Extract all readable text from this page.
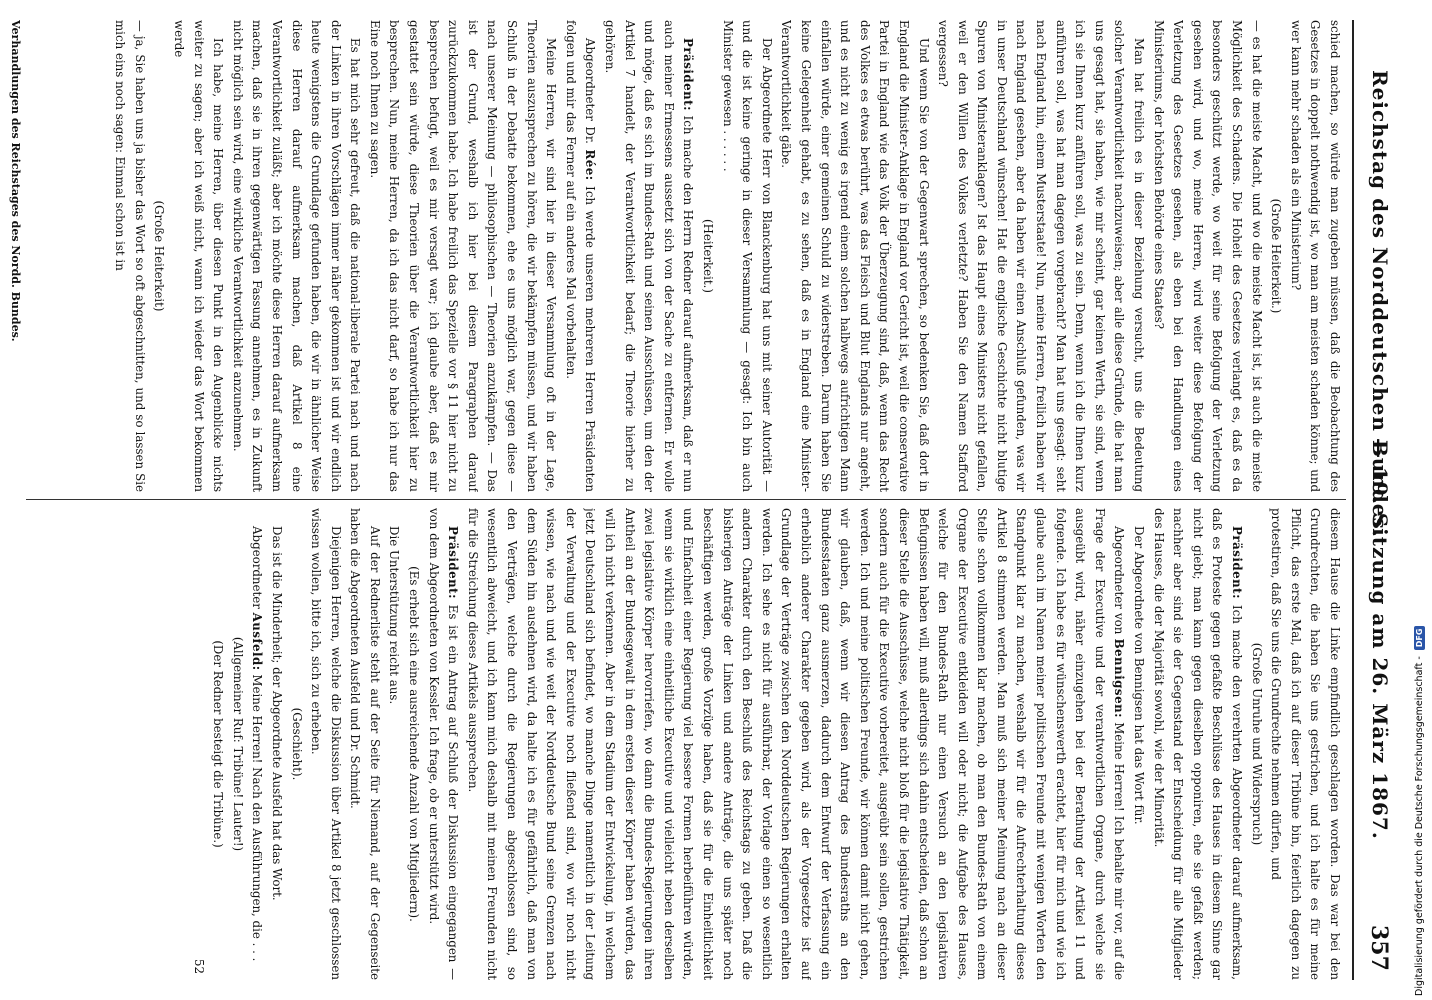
Reichstag des Norddeutschen Bundes.
— 19. Sitzung am 26. März 1867.
357

schied machen, so würde man zugeben müssen, daß die Beobachtung des Gesetzes in doppelt nothwendig ist, wo man am meisten schaden könne; und wer kann mehr schaden als ein Ministerium?

(Große Heiterkeit.)

— es hat die meiste Macht, und wo die meiste Macht ist, ist auch die meiste Möglichkeit des Schadens. Die Hoheit des Gesetzes verlangt es, daß es da besonders geschützt werde, wo weit für seine Befolgung der Verletzung gesehen wird, und wo, meine Herren, wird weiter diese Befolgung der Verletzung des Gesetzes gesehen, als eben bei den Handlungen eines Ministeriums, der höchsten Behörde eines Staates?

Man hat freilich es in dieser Beziehung versucht, uns die Bedeutung solcher Verantwortlichkeit nachzuweisen; aber alle diese Gründe, die hat man uns gesagt hat, sie haben, wie mir scheint, gar keinen Werth, sie sind, wenn ich sie Ihnen kurz anführen soll, was zu sein. Denn, wenn ich die Ihnen kurz anführen soll, was hat man dagegen vorgebracht? Man hat uns gesagt: seht nach England hin, einem Musterstaate! Nun, meine Herren, freilich haben wir nach England gesehen, aber da haben wir einen Anschluß gefunden, was wir in unser Deutschland wünschen! Hat die englische Geschichte nicht blutige Spuren von Ministeranklagen? Ist das Haupt eines Ministers nicht gefallen, weil er den Willen des Volkes verletzte? Haben Sie den Namen Stafford vergessen?

Und wenn Sie von der Gegenwart sprechen, so bedenken Sie, daß dort in England die Minister-Anklage in England vor Gericht ist, weil die conservative Partei in England wie das Volk der Überzeugung sind, daß, wenn das Recht des Volkes es etwas berührt, was das Fleisch und Blut Englands nur angeht, und es nicht zu wenig es irgend einem solchen halbwegs aufrichtigen Mann einfallen würde, einer gemeinen Schuld zu widerstreben. Darum haben Sie keine Gelegenheit gehabt, es zu sehen, daß es in England eine Minister-Verantwortlichkeit gäbe.

Der Abgeordnete Herr von Blanckenburg hat uns mit seiner Autorität — und die ist keine geringe in dieser Versammlung — gesagt: Ich bin auch Minister gewesen . . . . . .

(Heiterkeit.)

Präsident: Ich mache den Herrn Redner darauf aufmerksam, daß er nun auch meiner Ermessens aussetzt sich von der Sache zu entfernen. Er wolle und möge, daß es sich im Bundes-Rath und seinen Ausschüssen, um den der Artikel 7 handelt, der Verantwortlichkeit bedarf; die Theorie hierher zu gehören.

Abgeordneter Dr. Rée: Ich werde unseren mehreren Herren Präsidenten folgen und mir das Ferner auf ein anderes Mal vorbehalten.

Meine Herren, wir sind hier in dieser Versammlung oft in der Lage, Theorien auszusprechen zu hören, die wir bekämpfen müssen, und wir haben Schluß in der Debatte bekommen, ehe es uns möglich war, gegen diese — nach unserer Meinung — philosophischen — Theorien anzukämpfen. — Das ist der Grund, weshalb ich hier bei diesem Paragraphen darauf zurückzukommen habe. Ich habe freilich das Spezielle vor § 11 hier nicht zu besprechen befugt, weil es mir versagt war; ich glaube aber, daß es mir gestattet sein würde, diese Theorien über die Verantwortlichkeit hier zu besprechen. Nun, meine Herren, da ich das nicht darf, so habe ich nur das Eine noch Ihnen zu sagen.

Es hat mich sehr gefreut, daß die national-liberale Partei nach und nach der Linken in ihren Vorschlägen immer näher gekommen ist und wir endlich heute wenigstens die Grundlage gefunden haben, die wir in ähnlicher Weise diese Herren darauf aufmerksam machen, daß Artikel 8 eine Verantwortlichkeit zuläßt; aber ich möchte diese Herren darauf aufmerksam machen, daß sie in ihren gegenwärtigen Fassung annehmen, es in Zukunft nicht möglich sein wird, eine wirkliche Verantwortlichkeit anzunehmen.

Ich habe, meine Herren, über diesen Punkt in den Augenblicke nichts weiter zu sagen; aber ich weiß nicht, wann ich wieder das Wort bekommen werde

(Große Heiterkeit)

— ja, Sie haben uns ja bisher das Wort so oft abgeschnitten, und so lassen Sie mich eins noch sagen: Einmal schon ist in

diesem Hause die Linke empfindlich geschlagen worden. Das war bei den Grundrechten, die haben Sie uns gestrichen, und ich halte es für meine Pflicht, das erste Mal, daß ich auf dieser Tribüne bin, feierlich dagegen zu protestiren, daß Sie uns die Grundrechte nehmen dürfen, und

(Große Unruhe und Widerspruch)

Präsident: Ich mache den verehrten Abgeordneter darauf aufmerksam, daß es Proteste gegen gefaßte Beschlüsse des Hauses in diesem Sinne gar nicht giebt; man kann gegen dieselben opponiren, ehe sie gefaßt werden; nachher aber sind sie der Gegenstand der Entscheidung für alle Mitglieder des Hauses, die der Majorität sowohl, wie der Minorität.

Der Abgeordnete von Bennigsen hat das Wort für.

Abgeordneter von Bennigsen: Meine Herren! Ich behalte mir vor, auf die Frage der Executive und der verantwortlichen Organe, durch welche sie ausgeübt wird, näher einzugehen bei der Berathung der Artikel 11 und folgende. Ich habe es für wünschenswerth erachtet, hier für mich und wie ich glaube auch im Namen meiner politischen Freunde mit wenigen Worten den Standpunkt klar zu machen, weshalb wir für die Aufrechterhaltung dieses Artikel 8 stimmen werden. Man muß sich meiner Meinung nach an dieser Stelle schon vollkommen klar machen, ob man den Bundes-Rath von einem Organe der Executive entkleiden will oder nicht; die Aufgabe des Hauses, welche für den Bundes-Rath nur einen Versuch an den legislativen Befugnissen haben will, muß allerdings sich dahin entscheiden, daß schon an dieser Stelle die Ausschüsse, welche nicht bloß für die legislative Thätigkeit, sondern auch für die Executive vorbereitet, ausgeübt sein sollen, gestrichen werden. Ich und meine politischen Freunde, wir können damit nicht gehen, wir glauben, daß, wenn wir diesen Antrag des Bundesraths an den Bundesstaaten ganz ausmerzen, dadurch dem Entwurf der Verfassung ein erheblich anderer Charakter gegeben wird, als der Vorgesetzte ist auf Grundlage der Verträge zwischen den Norddeutschen Regierungen erhalten werden. Ich sehe es nicht für ausführbar, der Vorlage einen so wesentlich andern Charakter durch den Beschluß des Reichstags zu geben. Daß die bisherigen Anträge der Linken und andere Anträge, die uns später noch beschäftigen werden, große Vorzüge haben, daß sie für die Einheitlichkeit und Einfachheit einer Regierung viel bessere Formen herbeiführen würden, wenn sie wirklich eine einheitliche Executive und vielleicht neben derselben zwei legislative Körper hervorriefen, wo dann die Bundes-Regierungen ihren Antheil an der Bundesgewalt in dem ersten dieser Körper haben würden, das will ich nicht verkennen. Aber in dem Stadium der Entwickelung, in welchem jetzt Deutschland sich befindet, wo manche Dinge namentlich in der Leitung der Verwaltung und der Executive noch fließend sind, wo wir noch nicht wissen, wie nach und wie weit der Norddeutsche Bund seine Grenzen nach dem Süden hin ausdehnen wird, da halte ich es für gefährlich, daß man von den Verträgen, welche durch die Regierungen abgeschlossen sind, so wesentlich abweicht, und ich kann mich deshalb mit meinen Freunden nicht für die Streichung dieses Artikels aussprechen.

Präsident: Es ist ein Antrag auf Schluß der Diskussion eingegangen — von dem Abgeordneten von Kessler. Ich frage, ob er unterstützt wird.

(Es erhebt sich eine ausreichende Anzahl von Mitgliedern).

Die Unterstützung reicht aus.

Auf der Rednerliste steht auf der Seite für Niemand, auf der Gegenseite haben die Abgeordneten Ausfeld und Dr. Schmidt.

Diejenigen Herren, welche die Diskussion über Artikel 8 jetzt geschlossen wissen wollen, bitte ich, sich zu erheben.

(Geschieht).

Das ist die Minderheit; der Abgeordnete Ausfeld hat das Wort.

Abgeordneter Ausfeld: Meine Herren! Nach den Ausführungen, die . . .

(Allgemeiner Ruf: Tribüne! Lauter!)

(Der Redner besteigt die Tribüne.)

52

Verhandlungen des Reichstages des Nordd. Bundes.
Digitalisierung gefördert durch die Deutsche Forschungsgemeinschaft -
DFG
